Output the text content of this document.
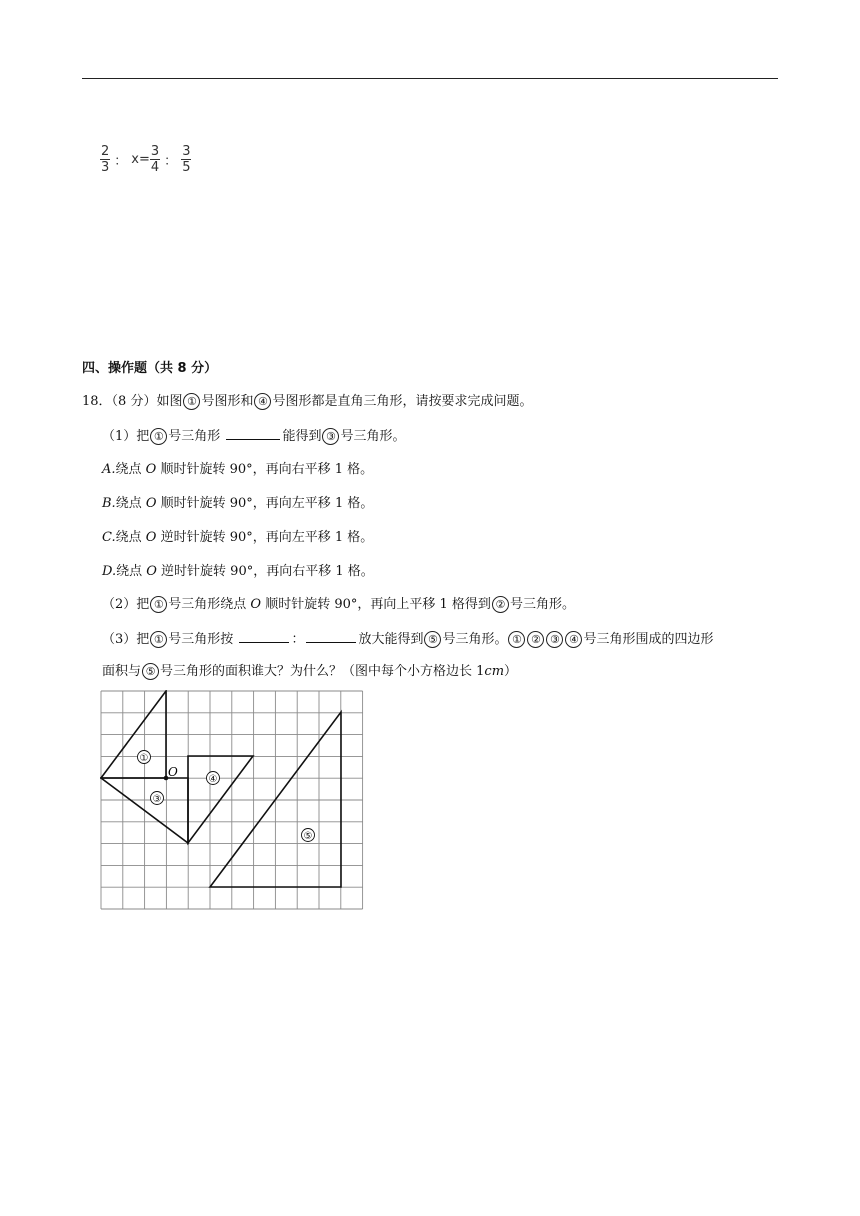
$\frac{2}{3}$ ： $x= \frac{3}{4}$ ： $\frac{3}{5}$
四、操作题（共 8 分）
18．（8 分）如图 ① 号图形和 ④ 号图形都是直角三角形，请按要求完成问题。
（1）把 ① 号三角形	能得到 ③ 号三角形。
A.绕点 O 顺时针旋转 90°，再向右平移 1 格。
B.绕点 O 顺时针旋转 90°，再向左平移 1 格。
C.绕点 O 逆时针旋转 90°，再向左平移 1 格。
D.绕点 O 逆时针旋转 90°，再向右平移 1 格。
（2）把 ① 号三角形绕点 O 顺时针旋转 90°，再向上平移 1 格得到 ② 号三角形。
（3）把 ① 号三角形按	：	放大能得到 ⑤ 号三角形。 ① ② ③ ④ 号三角形围成的四边形
面积与 ⑤ 号三角形的面积谁大？为什么？（图中每个小方格边长 1cm）
O
①
③
④
⑤
